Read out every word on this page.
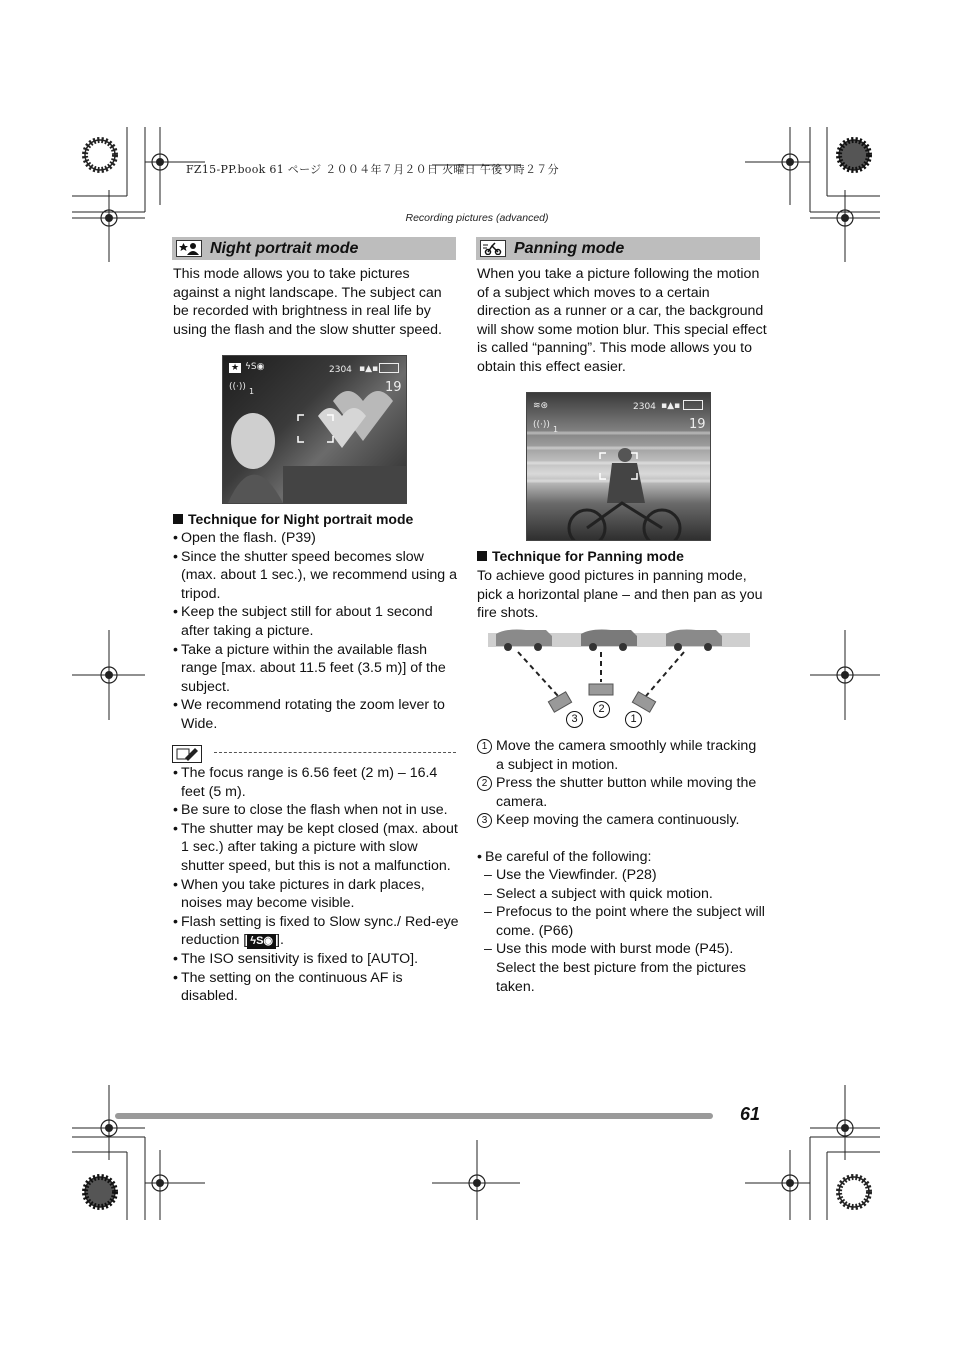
FZ15-PP.book 61 ページ ２００４年７月２０日 火曜日 午後９時２７分
Recording pictures (advanced)
Night portrait mode
This mode allows you to take pictures against a night landscape. The subject can be recorded with brightness in real life by using the flash and the slow shutter speed.
★ ϟS◉
((·))
2304 ▪▲▪
19
1
Technique for Night portrait mode
• Open the flash. (P39)
• Since the shutter speed becomes slow (max. about 1 sec.), we recommend using a tripod.
• Keep the subject still for about 1 second after taking a picture.
• Take a picture within the available flash range [max. about 11.5 feet (3.5 m)] of the subject.
• We recommend rotating the zoom lever to Wide.
• The focus range is 6.56 feet (2 m) – 16.4 feet (5 m).
• Be sure to close the flash when not in use.
• The shutter may be kept closed (max. about 1 sec.) after taking a picture with slow shutter speed, but this is not a malfunction.
• When you take pictures in dark places, noises may become visible.
• Flash setting is fixed to Slow sync./ Red-eye reduction [ ϟS◉ ].
• The ISO sensitivity is fixed to [AUTO].
• The setting on the continuous AF is disabled.
Panning mode
When you take a picture following the motion of a subject which moves to a certain direction as a runner or a car, the background will show some motion blur. This special effect is called “panning”. This mode allows you to obtain this effect easier.
≋⊛
((·))
2304 ▪▲▪
19
1
Technique for Panning mode
To achieve good pictures in panning mode, pick a horizontal plane – and then pan as you fire shots.
3
2
1
1 Move the camera smoothly while tracking a subject in motion.
2 Press the shutter button while moving the camera.
3 Keep moving the camera continuously.
• Be careful of the following:
– Use the Viewfinder. (P28)
– Select a subject with quick motion.
– Prefocus to the point where the subject will come. (P66)
– Use this mode with burst mode (P45). Select the best picture from the pictures taken.
61
